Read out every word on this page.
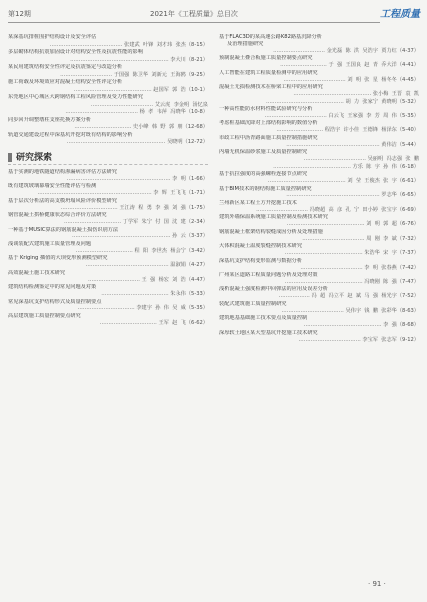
第12期	2021年《工程质量》总目次	工程质量
某深基坑排桩围护结构设计及安全评估
…………………………………… 张建武  叶锋  刘才玮  张杰（8-15）
多层砌体结构抗震加固设计对结构安全性及抗震性能的影响
………………………………………………… 李大川（8-21）
某民用建筑结构安全性评定及抗震鉴定与改造分析
………………………… 于国强  陈卫华  刘新元  王海鸥（9-25）
施工荷载及环境效应对混凝土结构安全性评定分析
……………………………………… 赵国军  郭  浩（10-1）
东莞地区中心城区大跨钢结构工程风险管理及受力性能研究
……………………………… 艾云虎  李金明  汤忆泉
…………………………………… 杨  孝  韦萍  冯晓华（10-8）
同步回升调整墩柱支座托换方案分析
…………………………… 史小峰  韩  野  郭  朋（12-68）
轨道交通建设过程中深基坑开挖对既有结构的影响分析
………………………………………………… 吴晓明（12-72）
研究探索
基于实测的地铁隧道结构渗漏病害评估方法研究
…………………………………………………… 李  明（1-66）
既有建筑玻璃幕墙安全性能评估与检测
………………………………………………………… 李  辉  王飞飞（1-71）
基于层次分析法的高支模坍塌风险评价模型研究
…………………………… 王江涛  程  勇  李  强  刘  强（1-75）
钢管混凝土拱桥健康状态综合评价方法研究
…………………………… 丁学军  朱宁  付  国  沈  建（2-34）
一种基于MUSIC算法的钢筋混凝土损伤识别方法
………………………………………………… 孙  云（3-37）
浅谈装配式建筑施工质量管理及问题
…………………………… 程  阳  李世杰  杨会宁（3-42）
基于 Kriging 插值的大坝变形预测模型研究
………………………………………… 温淑娟（4-27）
高效混凝土施工技术研究
………………………… 王  强  杨宏  刘  浩（4-47）
建筑结构检测鉴定中的常见问题及对策
………………………………… 朱永伟（5-33）
常见深基坑支护结构形式及质量控制要点
…………………………… 李建宇  孙  伟  吴  威（5-35）
高层建筑施工质量控制要点研究
…………………………… 王军  赵  飞（6-62）
基于FLAC3D的某高速公路K82路基沉降分析
及治理措施研究
………………………… 金光磊  陈  洪  吴浩宇  贾力红（4-37）
预制混凝土叠合板施工质量控制要点研究
……………………… 于  强  王国良  赵  青  乔大洋（4-41）
人工智能在建筑工程质量检测中的应用研究
……………………………… 刘  明  张  星  杨冬冬（4-45）
混凝土无损检测技术在桥梁工程中的应用研究
……………………………………… 张小梅  王晋  袁  凯
……………………………………… 胡  力  张家宁  黄晓明（5-32）
一种高性能防水材料性能试验研究与分析
……………………………… 白云飞  王家强  李  芳  周  伟（5-35）
考虑桩基础沉降对上部结构影响的数值分析
……………………… 程浩宇  许小佳  王德锋  杨泽东（5-40）
市政工程中沥青路面施工质量控制措施研究
……………………………………………… 黄伟洁（5-44）
内墙无机保温砂浆施工及质量控制研究
……………………………… 吴丽明  冯志强  张  鹏
……………………………………… 方乐  陈  宇  孙  伟（6-18）
基于抗拉强度的高强螺栓连接节点研究
……………………………………… 刘  莹  王俊杰  张  宇（6-61）
基于BIM技术的钢结构施工质量控制研究
……………………………………………… 罗志华（6-65）
兰州新区某工程土方开挖施工技术
………………………… 冯晓超  高  彦  孔  宁  田小婷  张宝宇（6-69）
建筑外墙保温系统施工质量控制及检测技术研究
……………………………………… 刘  明  郭  超（6-76）
钢筋混凝土框架结构裂缝成因分析及处理措施
……………………………… 周  刚  李  斌（7-32）
大体积混凝土温度裂缝控制技术研究
……………………………………… 朱浩华  宋  宇（7-37）
深基坑支护结构变形监测与数据分析
……………………………… 李  明  张春燕（7-42）
广州某区道路工程质量问题分析及处理对策
……………………………………… 冯晓刚  陈  强（7-47）
浅析混凝土强度检测中回弹法的应用及误差分析
……………… 冯  超  冯立平  赵  斌  马  强  杨光宇（7-52）
装配式建筑施工质量控制研究
……………………………… 吴伟宇  钱  鹏  张彩华（8-63）
建筑地基基础施工技术要点及质量控制
……………………………………… 李  强（8-68）
深厚软土地区某大型基坑开挖施工技术研究
……………………………… 李宝军  张志军（9-12）
· 91 ·
